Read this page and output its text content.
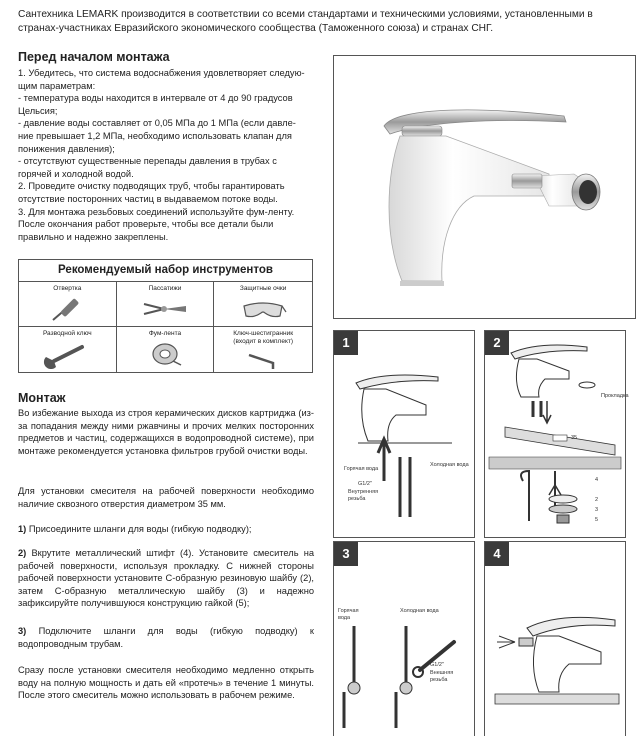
Сантехника LEMARK производится в соответствии со всеми стандартами и техническими условиями, установленными в странах-участниках Евразийского экономического сообщества (Таможенного союза) и странах СНГ.
Перед началом монтажа
1. Убедитесь, что система водоснабжения удовлетворяет следую-
щим параметрам:
- температура воды находится в интервале от 4 до 90 градусов
Цельсия;
- давление воды составляет от 0,05 МПа до 1 МПа (если давле-
ние превышает 1,2 МПа, необходимо использовать клапан для
понижения давления);
- отсутствуют существенные перепады давления в трубах с
горячей и холодной водой.
2. Проведите очистку подводящих труб, чтобы гарантировать
отсутствие посторонних частиц в выдаваемом потоке воды.
3. Для монтажа резьбовых соединений используйте фум-ленту.
После окончания работ проверьте, чтобы все детали были
правильно и надежно закреплены.
Рекомендуемый набор инструментов
Отвертка	Пассатижи	Защитные очки
Разводной ключ	Фум-лента	Ключ-шестигранник
(входит в комплект)
Монтаж
Во избежание выхода из строя керамических дисков картриджа (из-за попадания между ними ржавчины и прочих мелких посторонних предметов и частиц, содержащихся в водопроводной системе), при монтаже рекомендуется установка фильтров грубой очистки воды.
Для установки смесителя на рабочей поверхности необходимо наличие сквозного отверстия диаметром 35 мм.
1) Присоедините шланги для воды (гибкую подводку);
2) Вкрутите металлический штифт (4). Установите смеситель на рабочей поверхности, используя прокладку. С нижней стороны рабочей поверхности установите С-образную резиновую шайбу (2), затем С-образную металлическую шайбу (3) и надежно зафиксируйте получившуюся конструкцию гайкой (5);
3) Подключите шланги для воды (гибкую подводку) к водопроводным трубам.
Сразу после установки смесителя необходимо медленно открыть воду на полную мощность и дать ей «протечь» в течение 1 минуты. После этого смеситель можно использовать в рабочем режиме.
1
Горячая вода
Холодная вода
G1/2"
Внутренняя резьба
2
Прокладка
35
4
2
3
5
3
Горячая вода
Холодная вода
G1/2"
Внешняя резьба
4
